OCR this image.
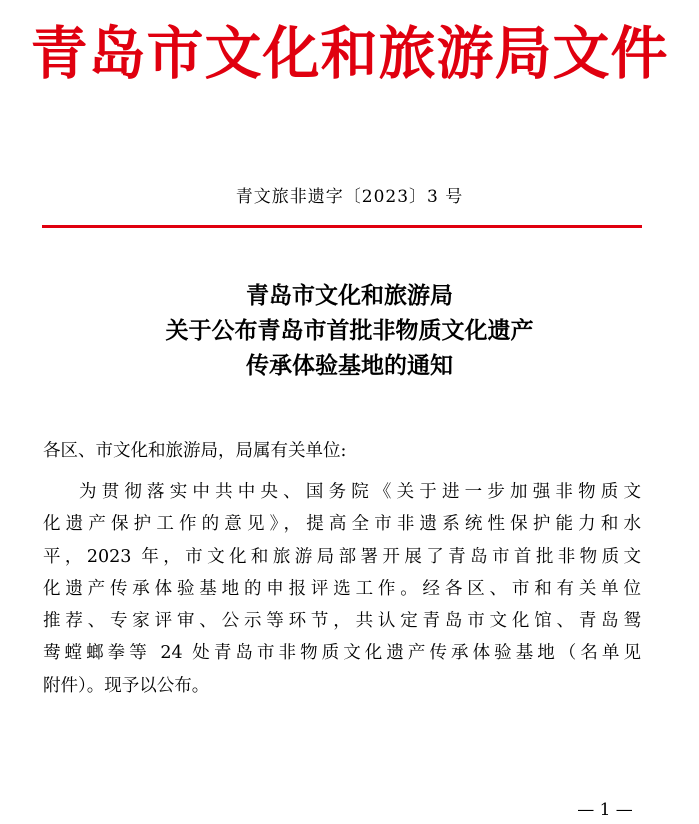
青岛市文化和旅游局文件
青文旅非遗字〔2023〕3 号
青岛市文化和旅游局
关于公布青岛市首批非物质文化遗产
传承体验基地的通知
各区、市文化和旅游局，局属有关单位:
为贯彻落实中共中央、国务院《关于进一步加强非物质文
化遗产保护工作的意见》，提高全市非遗系统性保护能力和水
平，2023 年，市文化和旅游局部署开展了青岛市首批非物质文
化遗产传承体验基地的申报评选工作。经各区、市和有关单位
推荐、专家评审、公示等环节，共认定青岛市文化馆、青岛鸳
鸯螳螂拳等 24 处青岛市非物质文化遗产传承体验基地（名单见
附件）。现予以公布。
— 1 —
